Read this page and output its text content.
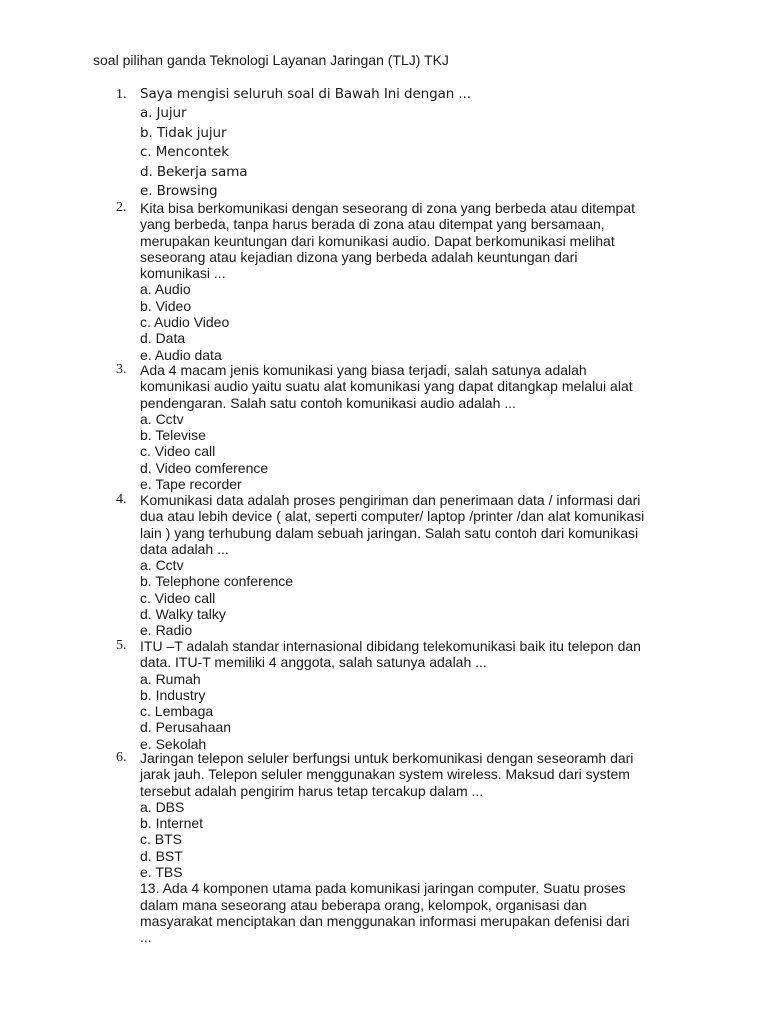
soal pilihan ganda Teknologi Layanan Jaringan (TLJ) TKJ
1. Saya mengisi seluruh soal di Bawah Ini dengan ...

a. Jujur

b. Tidak jujur

c. Mencontek

d. Bekerja sama

e. Browsing

2. Kita bisa berkomunikasi dengan seseorang di zona yang berbeda atau ditempat
yang berbeda, tanpa harus berada di zona atau ditempat yang bersamaan,
merupakan keuntungan dari komunikasi audio. Dapat berkomunikasi melihat
seseorang atau kejadian dizona yang berbeda adalah keuntungan dari
komunikasi ...

a. Audio

b. Video

c. Audio Video

d. Data

e. Audio data

3. Ada 4 macam jenis komunikasi yang biasa terjadi, salah satunya adalah
komunikasi audio yaitu suatu alat komunikasi yang dapat ditangkap melalui alat
pendengaran. Salah satu contoh komunikasi audio adalah ...

a. Cctv

b. Televise

c. Video call

d. Video comference

e. Tape recorder

4. Komunikasi data adalah proses pengiriman dan penerimaan data / informasi dari
dua atau lebih device ( alat, seperti computer/ laptop /printer /dan alat komunikasi
lain ) yang terhubung dalam sebuah jaringan. Salah satu contoh dari komunikasi
data adalah ...

a. Cctv

b. Telephone conference

c. Video call

d. Walky talky

e. Radio

5. ITU –T adalah standar internasional dibidang telekomunikasi baik itu telepon dan
data. ITU-T memiliki 4 anggota, salah satunya adalah ...

a. Rumah

b. Industry

c. Lembaga

d. Perusahaan

e. Sekolah

6. Jaringan telepon seluler berfungsi untuk berkomunikasi dengan seseoramh dari
jarak jauh. Telepon seluler menggunakan system wireless. Maksud dari system
tersebut adalah pengirim harus tetap tercakup dalam ...

a. DBS

b. Internet

c. BTS

d. BST

e. TBS

13. Ada 4 komponen utama pada komunikasi jaringan computer. Suatu proses
dalam mana seseorang atau beberapa orang, kelompok, organisasi dan
masyarakat menciptakan dan menggunakan informasi merupakan defenisi dari
...
